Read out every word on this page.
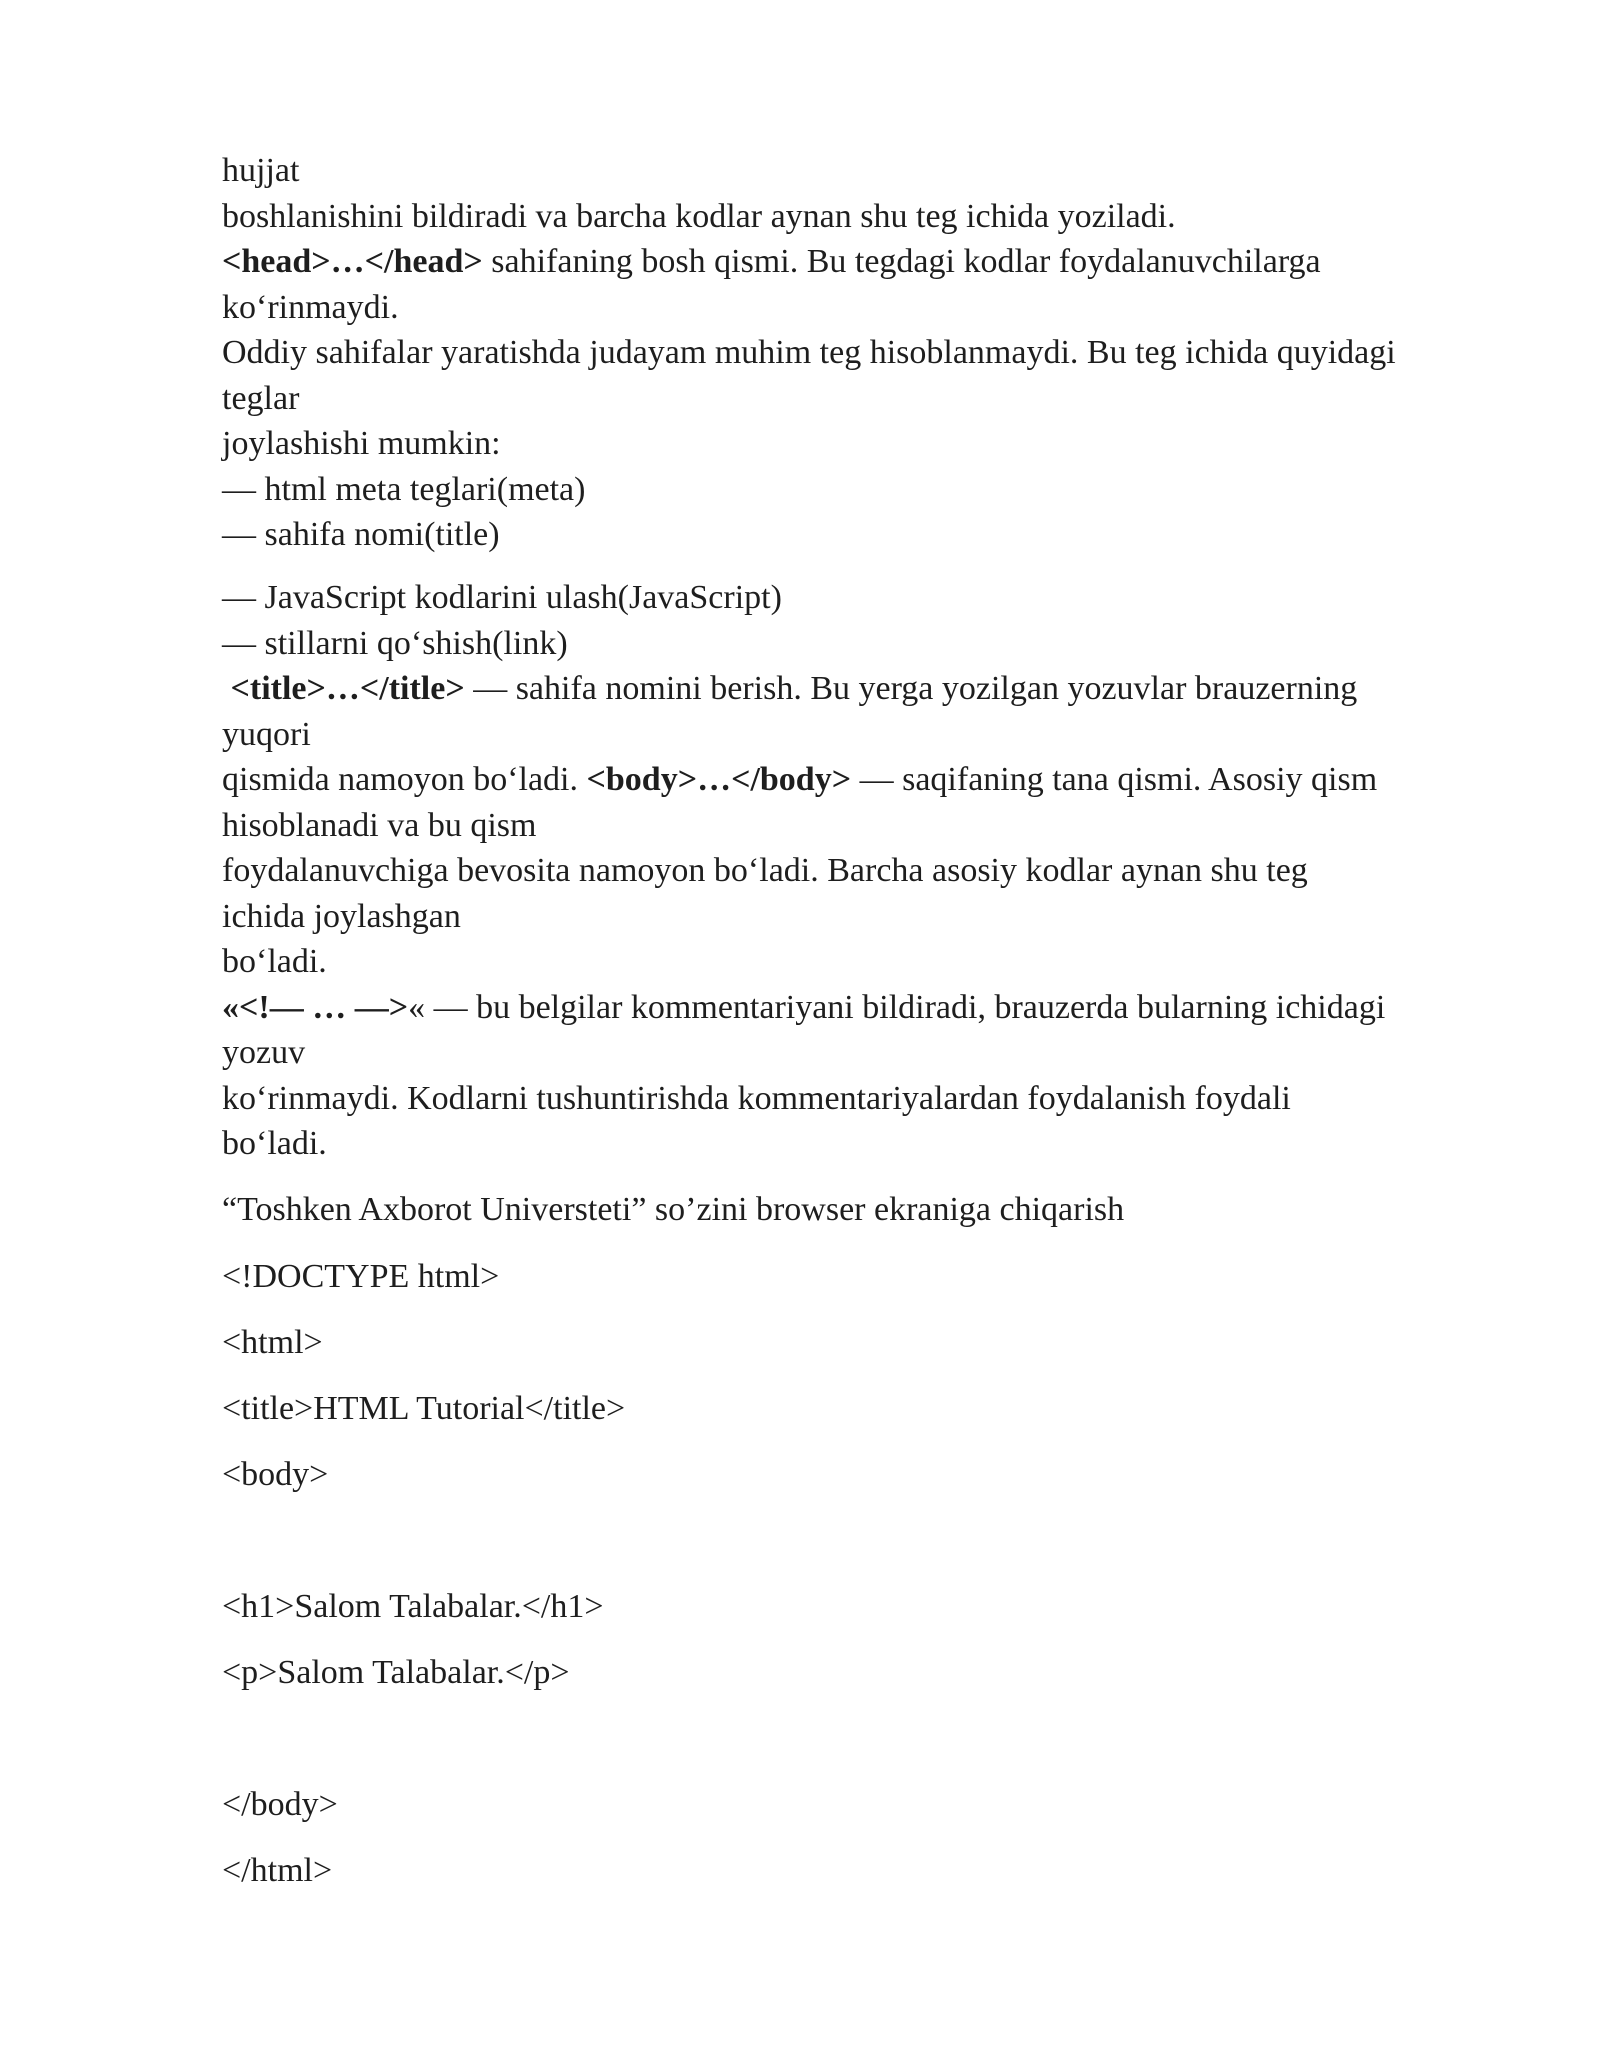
hujjat
boshlanishini bildiradi va barcha kodlar aynan shu teg ichida yoziladi.
<head>…</head> sahifaning bosh qismi. Bu tegdagi kodlar foydalanuvchilarga
ko‘rinmaydi.
Oddiy sahifalar yaratishda judayam muhim teg hisoblanmaydi. Bu teg ichida quyidagi
teglar
joylashishi mumkin:
— html meta teglari(meta)
— sahifa nomi(title)
— JavaScript kodlarini ulash(JavaScript)
— stillarni qo‘shish(link)
<title>…</title> — sahifa nomini berish. Bu yerga yozilgan yozuvlar brauzerning
yuqori
qismida namoyon bo‘ladi. <body>…</body> — saqifaning tana qismi. Asosiy qism
hisoblanadi va bu qism
foydalanuvchiga bevosita namoyon bo‘ladi. Barcha asosiy kodlar aynan shu teg
ichida joylashgan
bo‘ladi.
«<!— … —>« — bu belgilar kommentariyani bildiradi, brauzerda bularning ichidagi
yozuv
ko‘rinmaydi. Kodlarni tushuntirishda kommentariyalardan foydalanish foydali
bo‘ladi.
“Toshken Axborot Universteti” so’zini browser ekraniga chiqarish
<!DOCTYPE html>
<html>
<title>HTML Tutorial</title>
<body>
<h1>Salom Talabalar.</h1>
<p>Salom Talabalar.</p>
</body>
</html>
